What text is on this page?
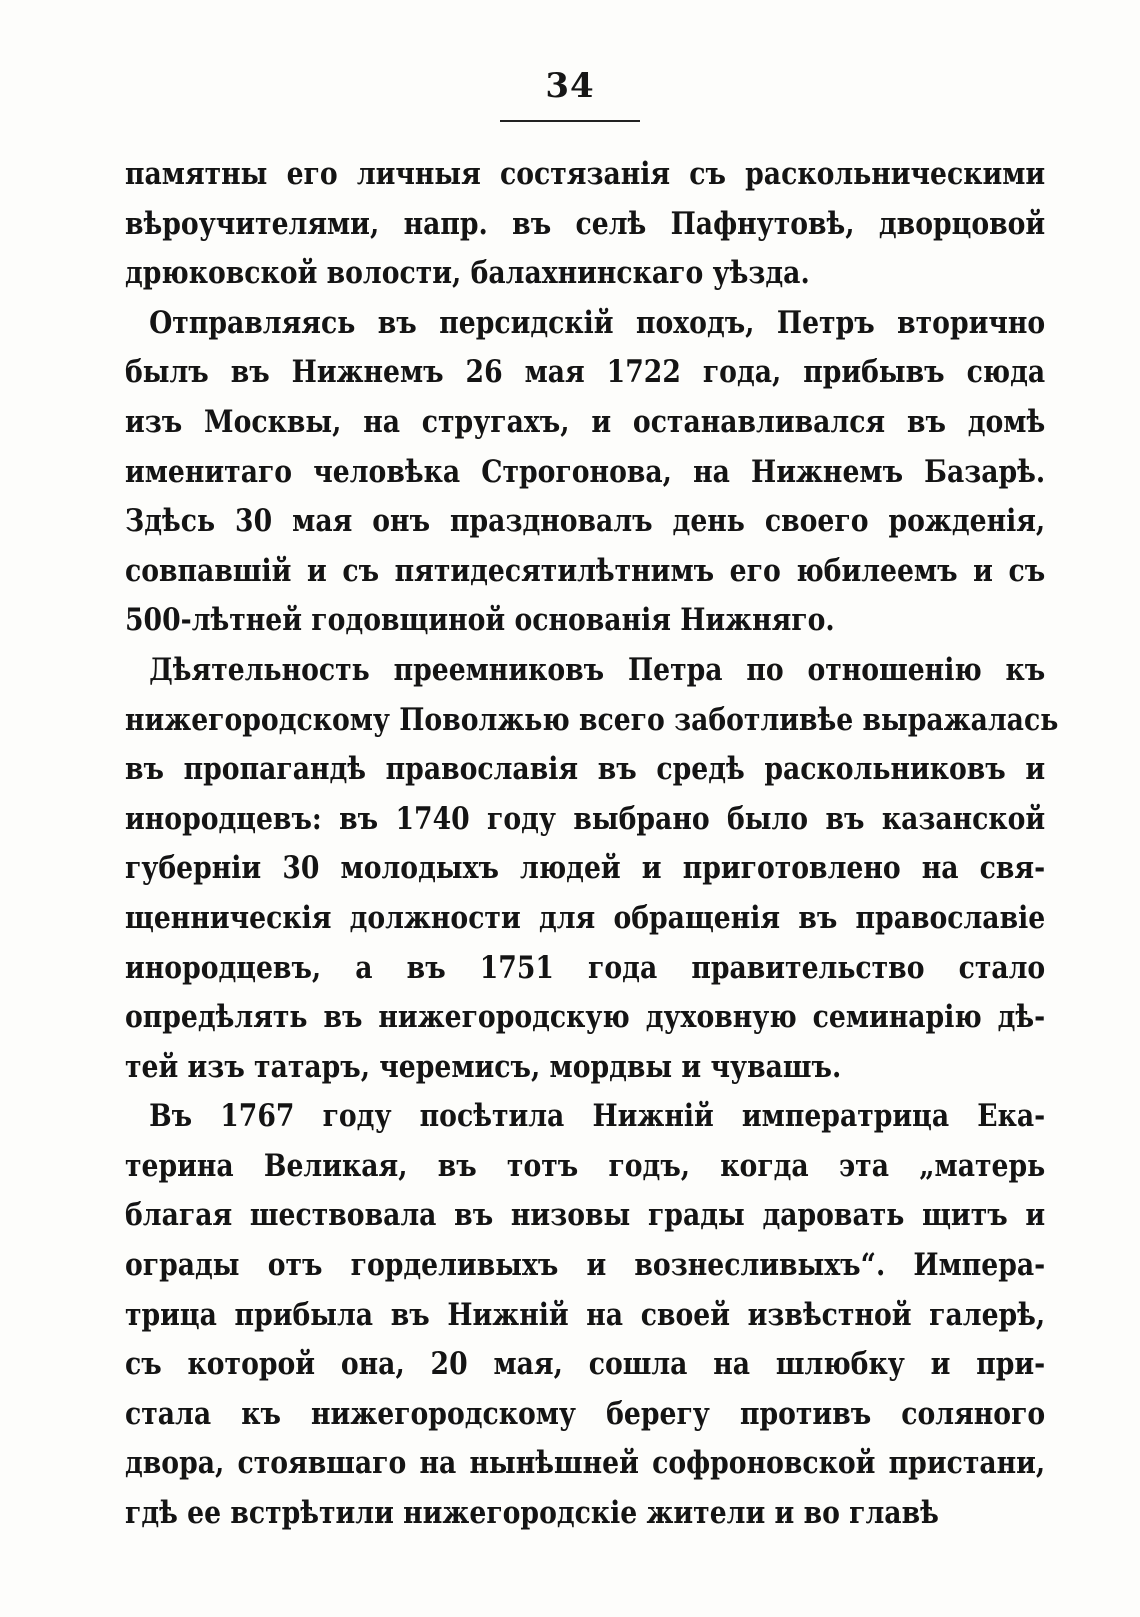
34
памятны его личныя состязанія съ раскольническими
вѣроучителями, напр. въ селѣ Пафнутовѣ, дворцовой
дрюковской волости, балахнинскаго уѣзда.
Отправляясь въ персидскій походъ, Петръ вторично
былъ въ Нижнемъ 26 мая 1722 года, прибывъ сюда
изъ Москвы, на стругахъ, и останавливался въ домѣ
именитаго человѣка Строгонова, на Нижнемъ Базарѣ.
Здѣсь 30 мая онъ праздновалъ день своего рожденія,
совпавшій и съ пятидесятилѣтнимъ его юбилеемъ и съ
500-лѣтней годовщиной основанія Нижняго.
Дѣятельность преемниковъ Петра по отношенію къ
нижегородскому Поволжью всего заботливѣе выражалась
въ пропагандѣ православія въ средѣ раскольниковъ и
инородцевъ: въ 1740 году выбрано было въ казанской
губерніи 30 молодыхъ людей и приготовлено на свя-
щенническія должности для обращенія въ православіе
инородцевъ, а въ 1751 года правительство стало
опредѣлять въ нижегородскую духовную семинарію дѣ-
тей изъ татаръ, черемисъ, мордвы и чувашъ.
Въ 1767 году посѣтила Нижній императрица Ека-
терина Великая, въ тотъ годъ, когда эта „матерь
благая шествовала въ низовы грады даровать щитъ и
ограды отъ горделивыхъ и вознесливыхъ“. Импера-
трица прибыла въ Нижній на своей извѣстной галерѣ,
съ которой она, 20 мая, сошла на шлюбку и при-
стала къ нижегородскому берегу противъ соляного
двора, стоявшаго на нынѣшней софроновской пристани,
гдѣ ее встрѣтили нижегородскіе жители и во главѣ
